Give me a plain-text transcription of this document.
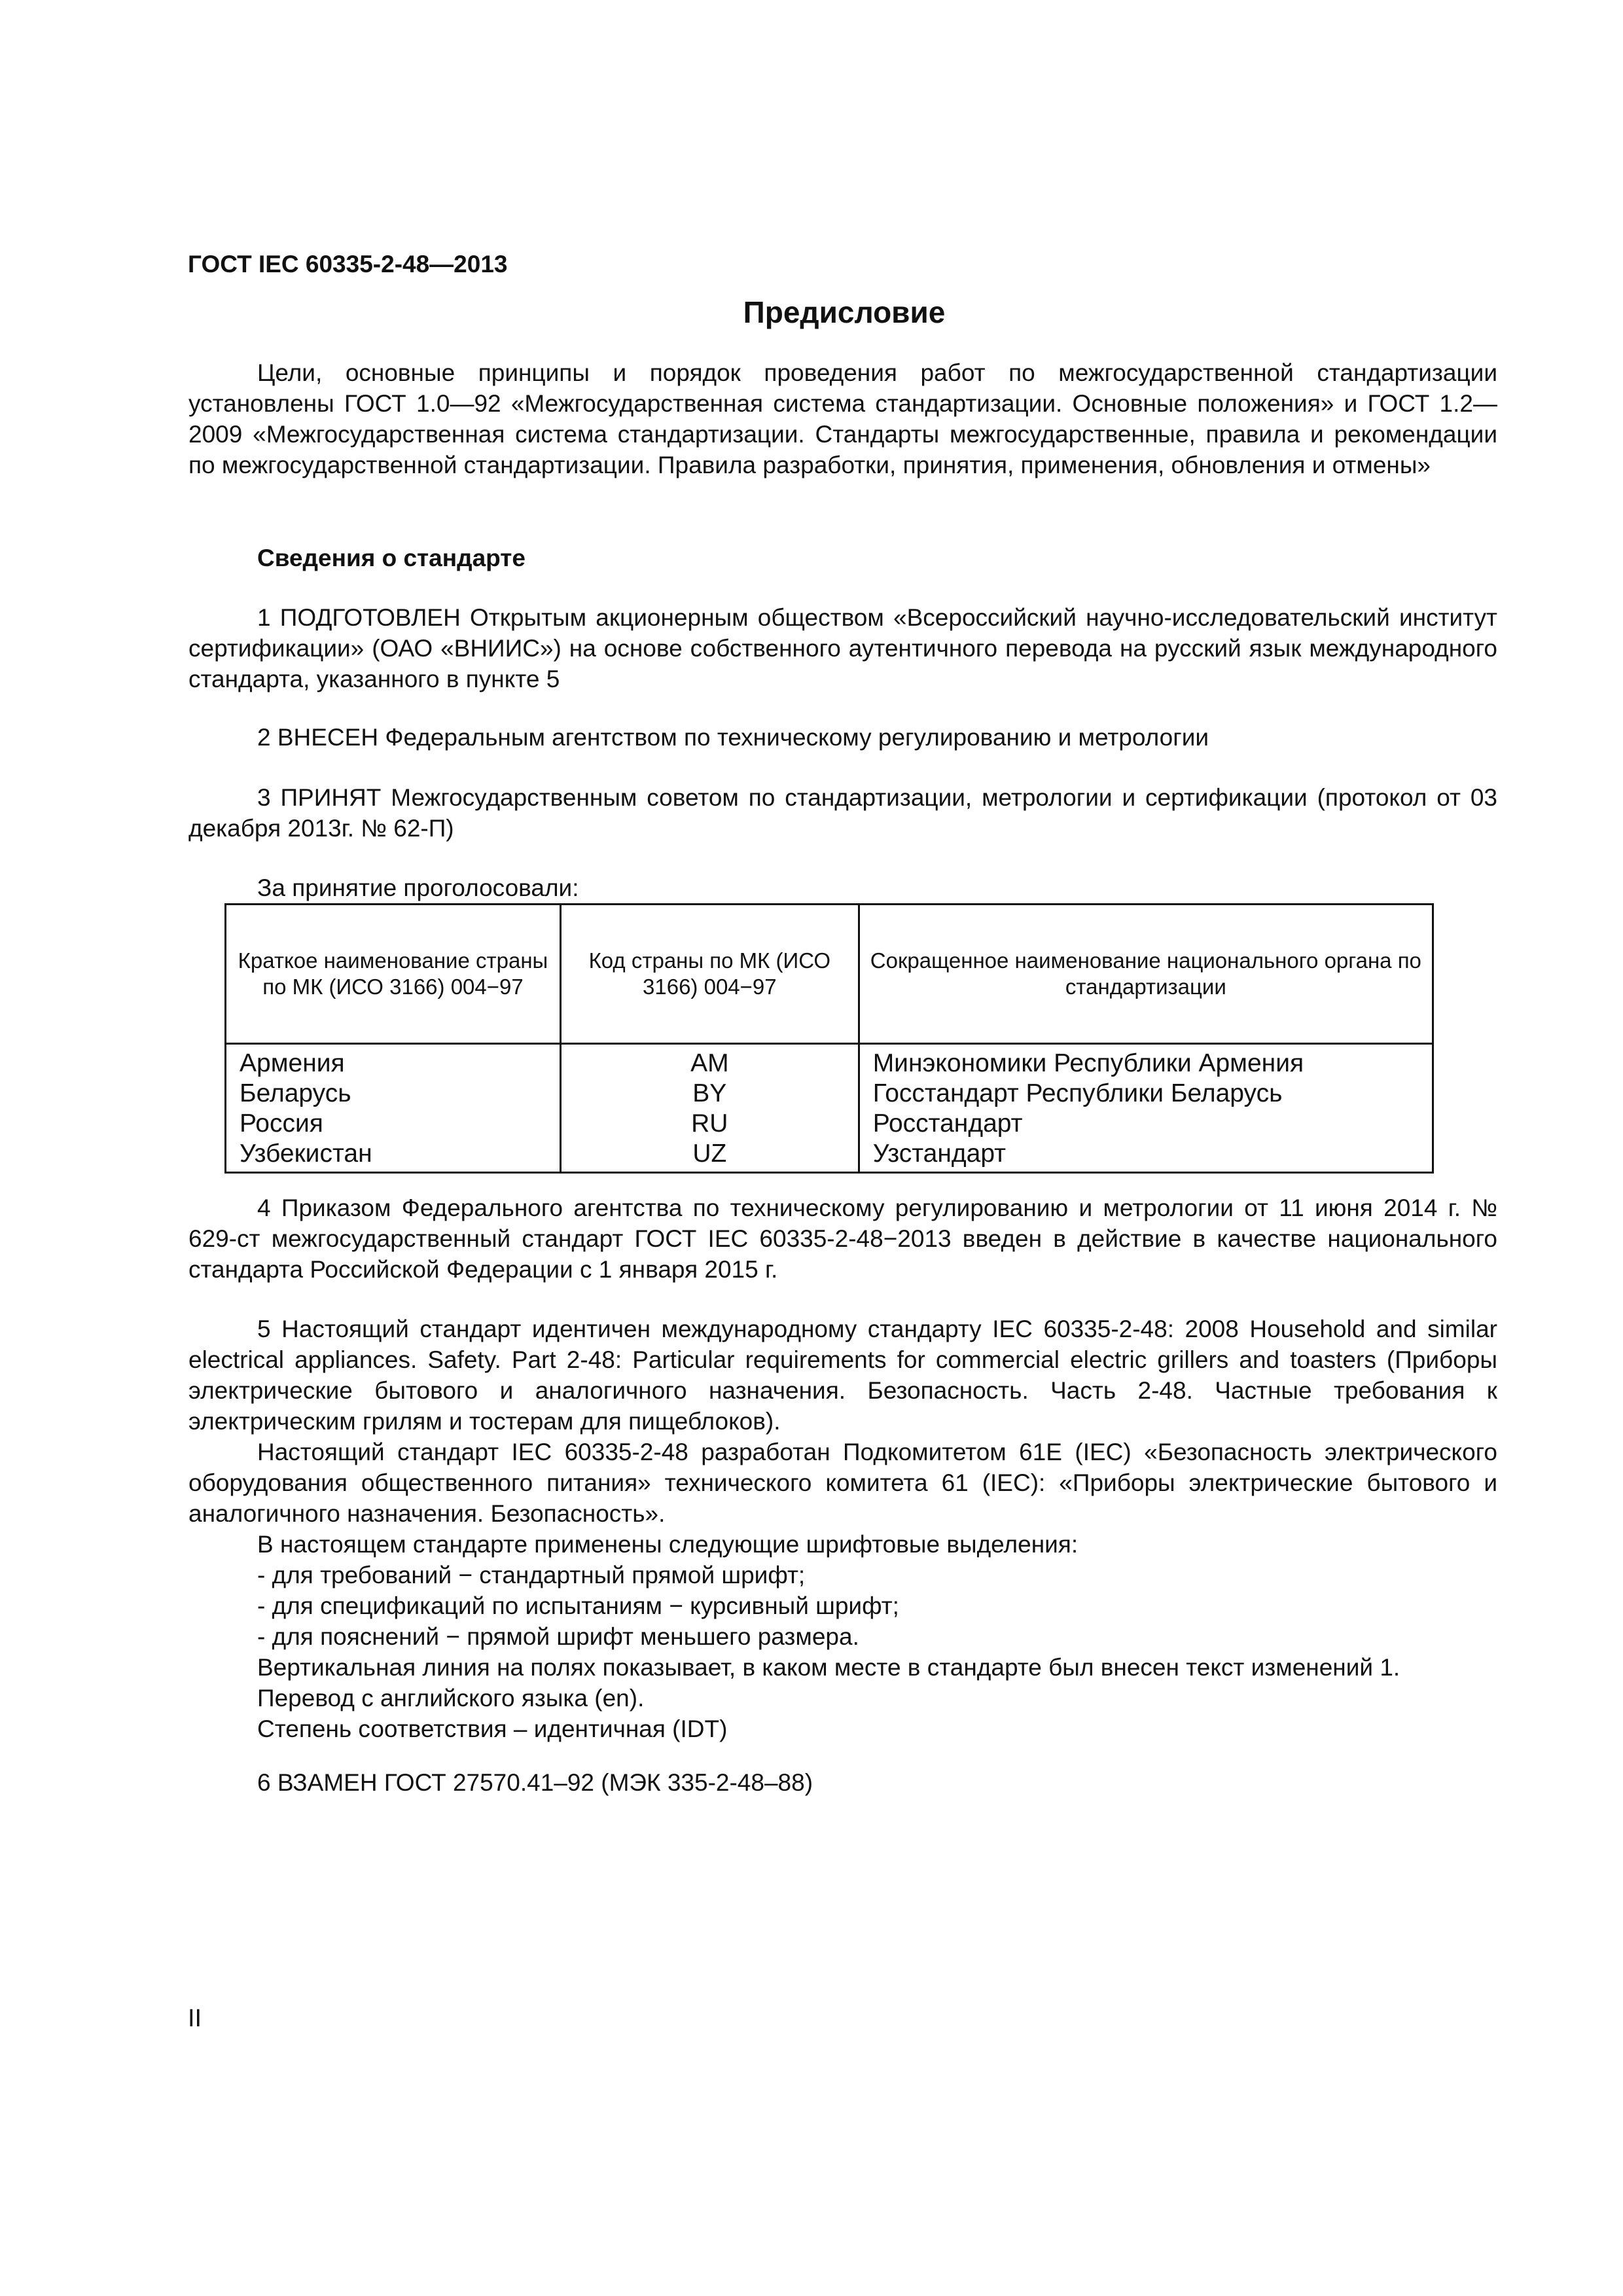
ГОСТ IEC 60335-2-48—2013
Предисловие
Цели, основные принципы и порядок проведения работ по межгосударственной стандартизации установлены ГОСТ 1.0—92 «Межгосударственная система стандартизации. Основные положения» и ГОСТ 1.2—2009 «Межгосударственная система стандартизации. Стандарты межгосударственные, правила и рекомендации по межгосударственной стандартизации. Правила разработки, принятия, применения, обновления и отмены»
Сведения о стандарте
1 ПОДГОТОВЛЕН Открытым акционерным обществом «Всероссийский научно-исследовательский институт сертификации» (ОАО «ВНИИС») на основе собственного аутентичного перевода на русский язык международного стандарта, указанного в пункте 5
2 ВНЕСЕН Федеральным агентством по техническому регулированию и метрологии
3 ПРИНЯТ Межгосударственным советом по стандартизации, метрологии и сертификации (протокол от 03 декабря 2013г. № 62-П)
За принятие проголосовали:
Краткое наименование страны по МК (ИСО 3166) 004−97	Код страны по МК (ИСО 3166) 004−97	Сокращенное наименование национального органа по стандартизации
Армения	AM	Минэкономики Республики Армения
Беларусь	BY	Госстандарт Республики Беларусь
Россия	RU	Росстандарт
Узбекистан	UZ	Узстандарт
4 Приказом Федерального агентства по техническому регулированию и метрологии от 11 июня 2014 г. № 629-ст межгосударственный стандарт ГОСТ IEC 60335-2-48−2013 введен в действие в качестве национального стандарта Российской Федерации с 1 января 2015 г.
5 Настоящий стандарт идентичен международному стандарту IEC 60335-2-48: 2008 Household and similar electrical appliances. Safety. Part 2-48: Particular requirements for commercial electric grillers and toasters (Приборы электрические бытового и аналогичного назначения. Безопасность. Часть 2-48. Частные требования к электрическим грилям и тостерам для пищеблоков).
Настоящий стандарт IEC 60335-2-48 разработан Подкомитетом 61Е (IEC) «Безопасность электрического оборудования общественного питания» технического комитета 61 (IEC): «Приборы электрические бытового и аналогичного назначения. Безопасность».
В настоящем стандарте применены следующие шрифтовые выделения:
- для требований − стандартный прямой шрифт;
- для спецификаций по испытаниям − курсивный шрифт;
- для пояснений − прямой шрифт меньшего размера.
Вертикальная линия на полях показывает, в каком месте в стандарте был внесен текст изменений 1.
Перевод с английского языка (en).
Степень соответствия – идентичная (IDT)
6 ВЗАМЕН ГОСТ 27570.41–92 (МЭК 335-2-48–88)
II
